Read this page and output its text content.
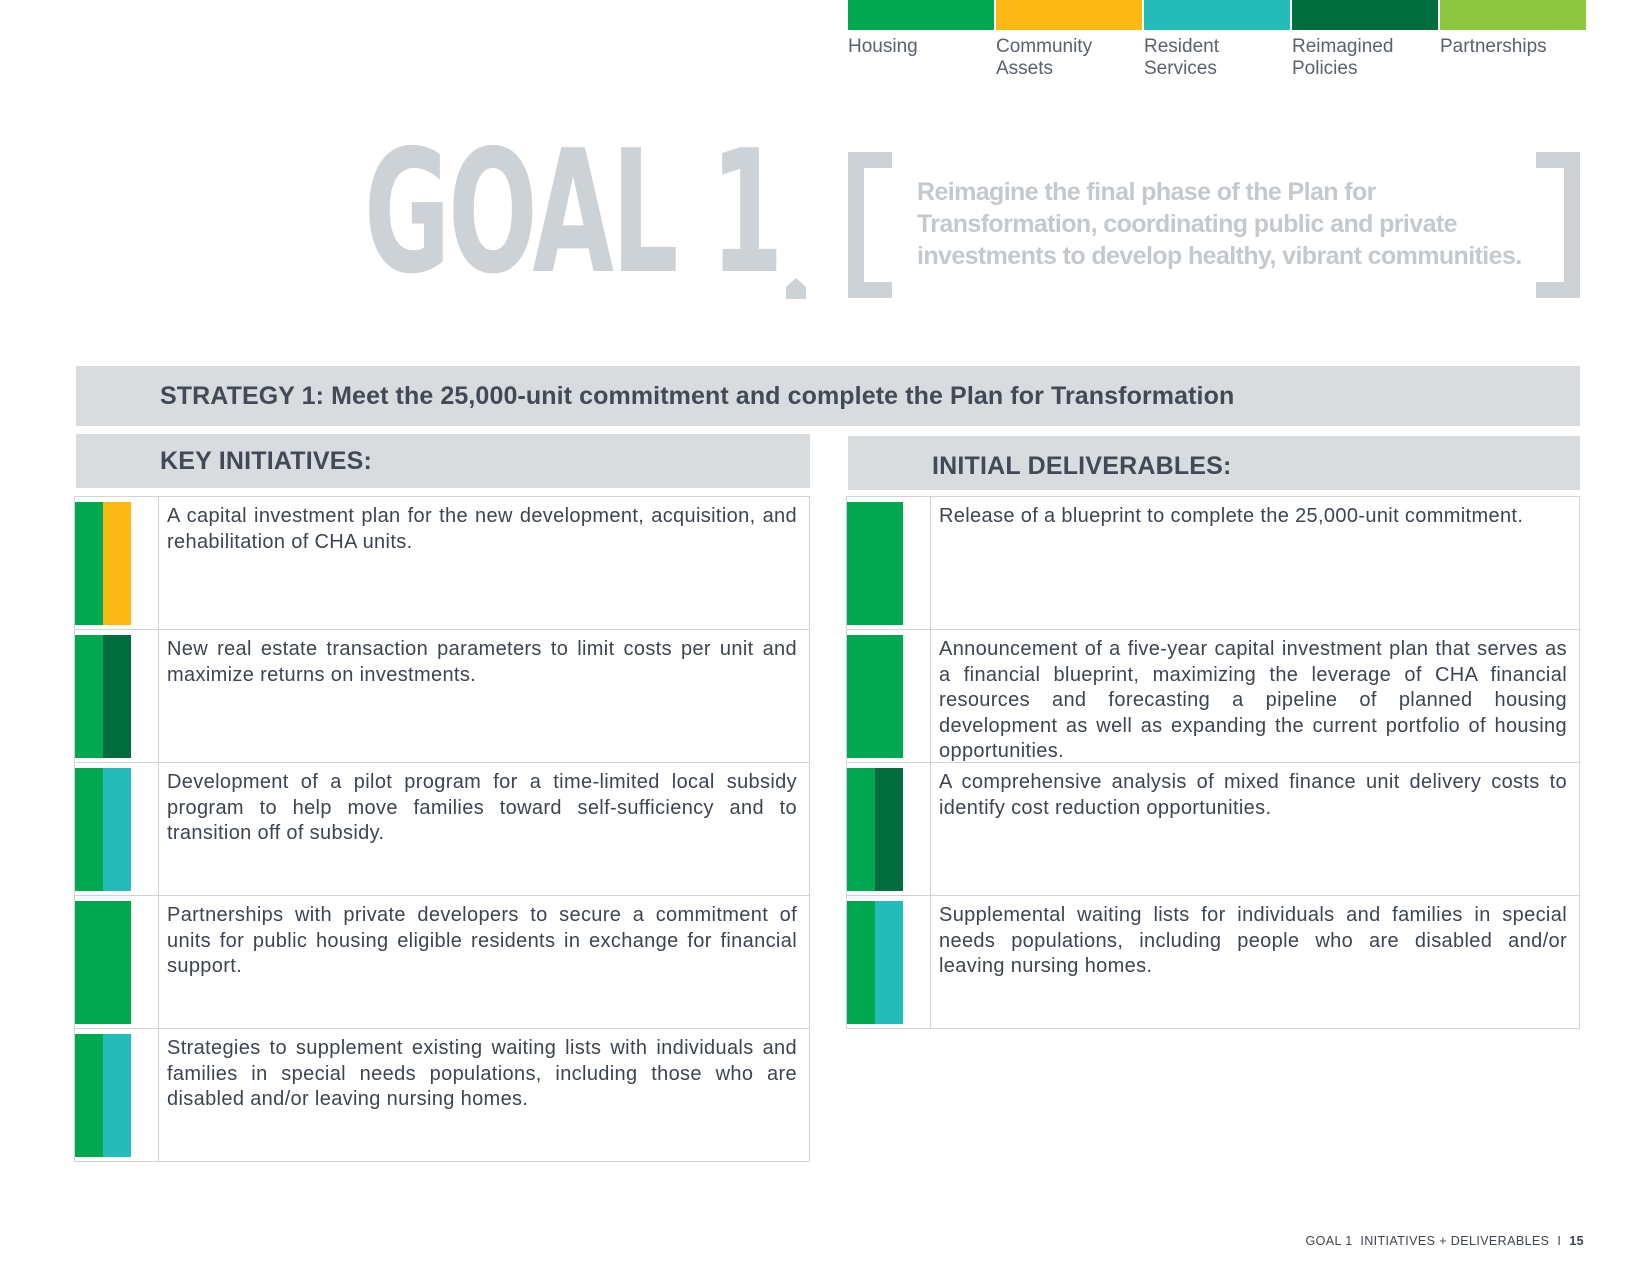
Housing	Community Assets
Resident Services
Reimagined Policies
Partnerships
GOAL 1	Reimagine the final phase of the Plan for Transformation, coordinating public and private investments to develop healthy, vibrant communities.

STRATEGY 1: Meet the 25,000-unit commitment and complete the Plan for Transformation
KEY INITIATIVES:	INITIAL DELIVERABLES:
A capital investment plan for the new development, acquisition, and rehabilitation of CHA units.
New real estate transaction parameters to limit costs per unit and maximize returns on investments.
Development of a pilot program for a time-limited local subsidy program to help move families toward self-sufficiency and to transition off of subsidy.
Partnerships with private developers to secure a commitment of units for public housing eligible residents in exchange for financial support.
Strategies to supplement existing waiting lists with individuals and families in special needs populations, including those who are disabled and/or leaving nursing homes.
Release of a blueprint to complete the 25,000-unit commitment.
Announcement of a five-year capital investment plan that serves as a financial blueprint, maximizing the leverage of CHA financial resources and forecasting a pipeline of planned housing development as well as expanding the current portfolio of housing opportunities.
A comprehensive analysis of mixed finance unit delivery costs to identify cost reduction opportunities.
Supplemental waiting lists for individuals and families in special needs populations, including people who are disabled and/or leaving nursing homes.
GOAL 1  INITIATIVES + DELIVERABLES I 15
